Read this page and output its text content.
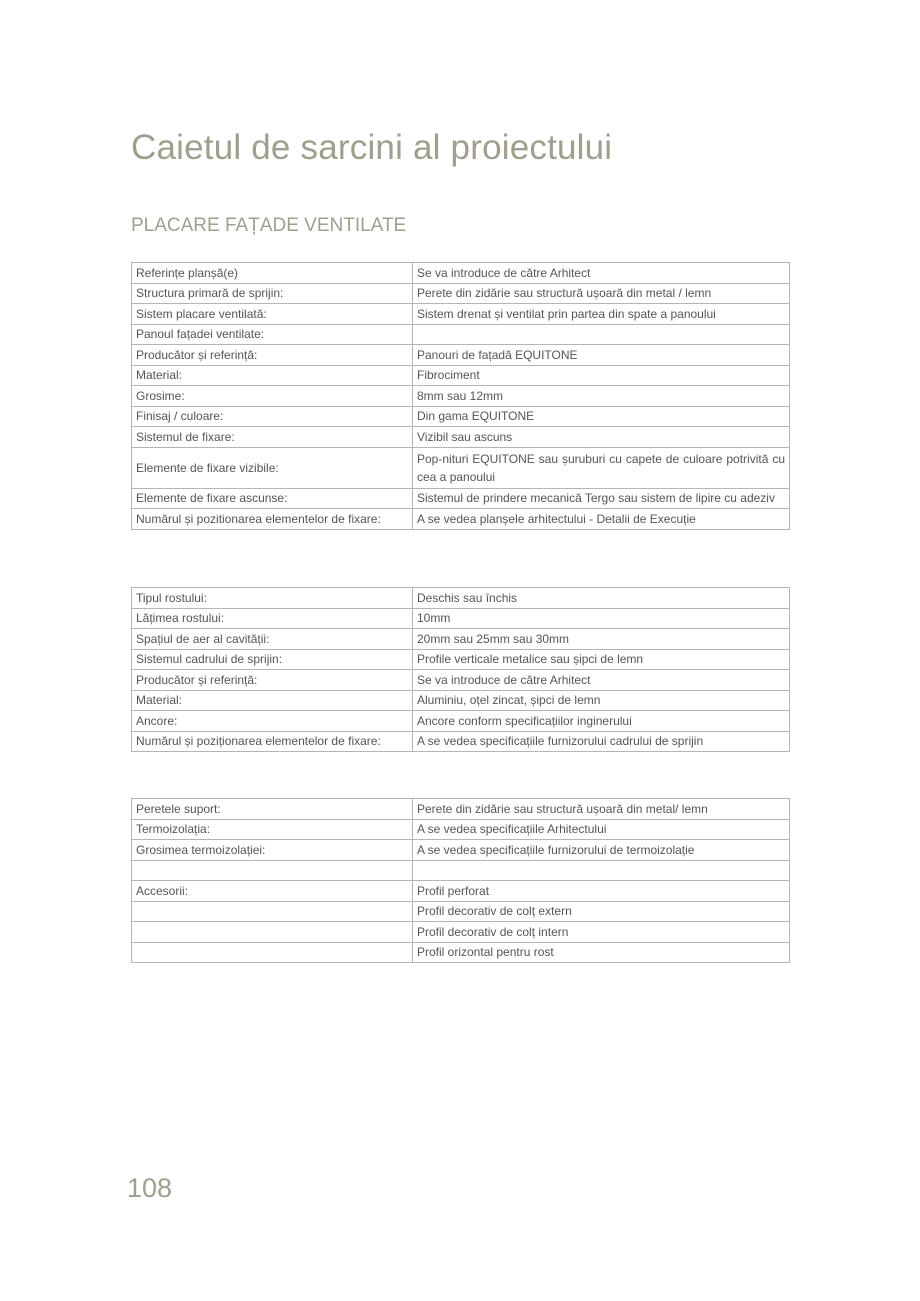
Caietul de sarcini al proiectului
PLACARE FAȚADE VENTILATE
Referințe planșă(e)	Se va introduce de către Arhitect
Structura primară de sprijin:	Perete din zidărie sau structură ușoară din metal / lemn
Sistem placare ventilată:	Sistem drenat și ventilat prin partea din spate a panoului
Panoul fațadei ventilate:	
Producător și referință:	Panouri de fațadă EQUITONE
Material:	Fibrociment
Grosime:	8mm sau 12mm
Finisaj / culoare:	Din gama EQUITONE
Sistemul de fixare:	Vizibil sau ascuns
Elemente de fixare vizibile:	Pop-nituri EQUITONE sau șuruburi cu capete de culoare potrivită cu cea a panoului
Elemente de fixare ascunse:	Sistemul de prindere mecanică Tergo sau sistem de lipire cu adeziv
Numărul și pozitionarea elementelor de fixare:	A se vedea planșele arhitectului - Detalii de Execuție
Tipul rostului:	Deschis sau închis
Lățimea rostului:	10mm
Spațiul de aer al cavității:	20mm sau 25mm sau 30mm
Sistemul cadrului de sprijin:	Profile verticale metalice sau șipci de lemn
Producător și referință:	Se va introduce de către Arhitect
Material:	Aluminiu, oțel zincat, șipci de lemn
Ancore:	Ancore conform specificațiilor inginerului
Numărul și poziționarea elementelor de fixare:	A se vedea specificațiile furnizorului cadrului de sprijin
Peretele suport:	Perete din zidărie sau structură ușoară din metal/ lemn
Termoizolația:	A se vedea specificațiile Arhitectului
Grosimea termoizolației:	A se vedea specificațiile furnizorului de termoizolație

Accesorii:	Profil perforat
	Profil decorativ de colț extern
	Profil decorativ de colț intern
	Profil orizontal pentru rost
108
